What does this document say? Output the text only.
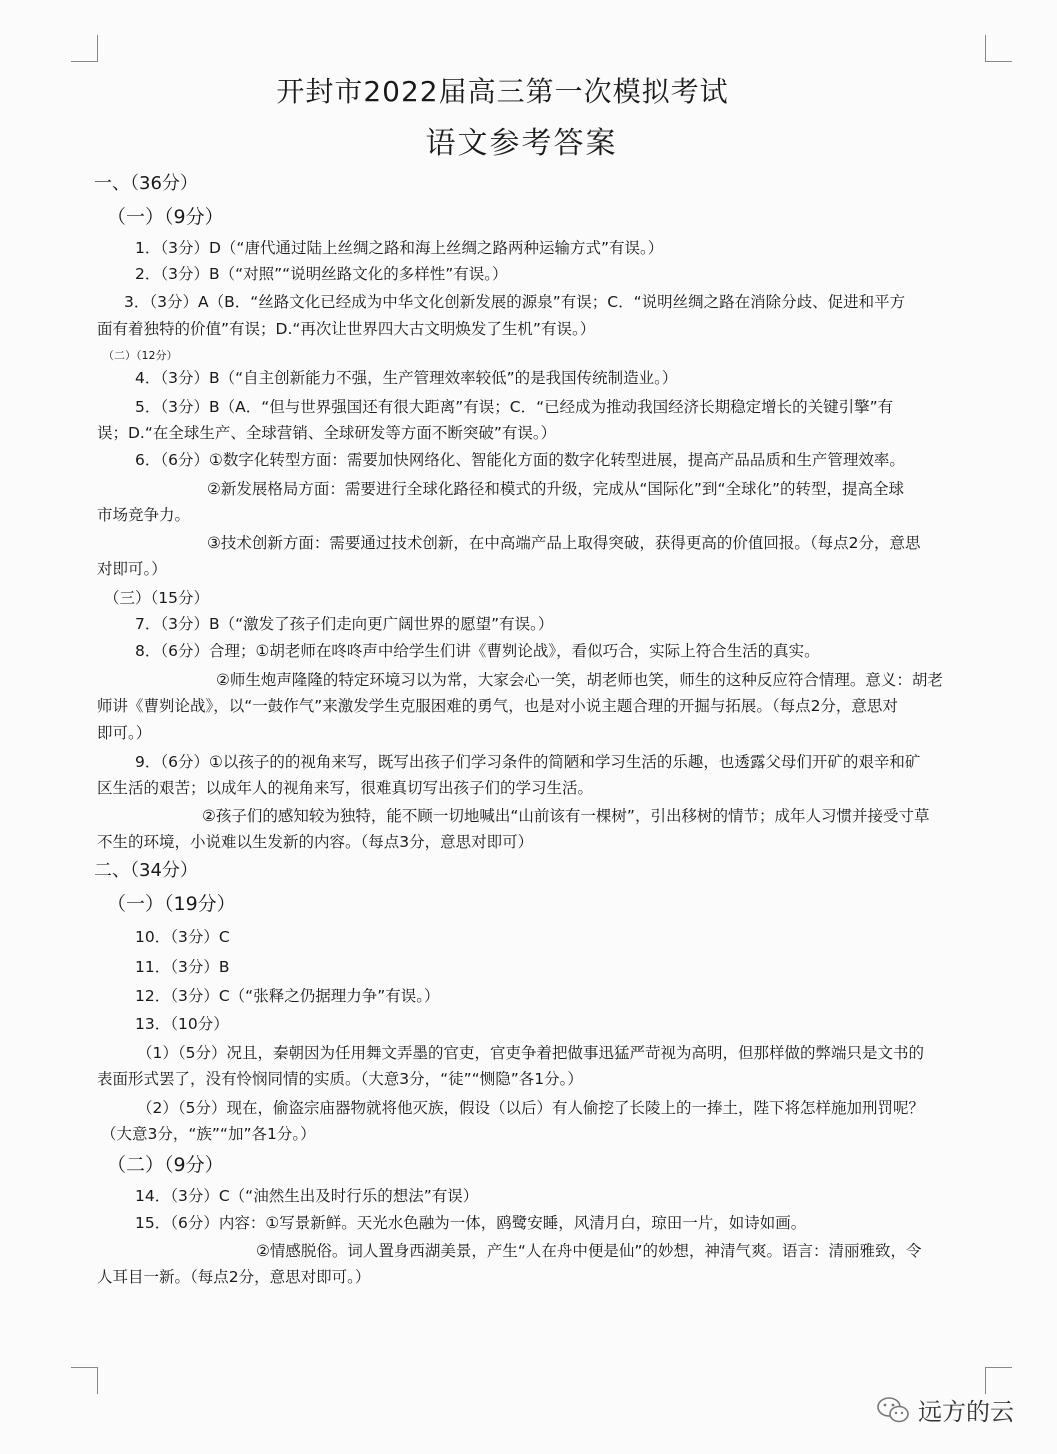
开封市2022届高三第一次模拟考试
语文参考答案
一、（36分）
（一）（9分）
1．（3分）D（“唐代通过陆上丝绸之路和海上丝绸之路两种运输方式”有误。）
2．（3分）B（“对照”“说明丝路文化的多样性”有误。）
3．（3分）A（B．“丝路文化已经成为中华文化创新发展的源泉”有误；C．“说明丝绸之路在消除分歧、促进和平方
面有着独特的价值”有误；D.“再次让世界四大古文明焕发了生机”有误。）
（二）（12分）
4．（3分）B（“自主创新能力不强，生产管理效率较低”的是我国传统制造业。）
5．（3分）B（A．“但与世界强国还有很大距离”有误；C．“已经成为推动我国经济长期稳定增长的关键引擎”有
误；D.“在全球生产、全球营销、全球研发等方面不断突破”有误。）
6．（6分）①数字化转型方面：需要加快网络化、智能化方面的数字化转型进展，提高产品品质和生产管理效率。
②新发展格局方面：需要进行全球化路径和模式的升级，完成从“国际化”到“全球化”的转型，提高全球
市场竞争力。
③技术创新方面：需要通过技术创新，在中高端产品上取得突破，获得更高的价值回报。（每点2分，意思
对即可。）
（三）（15分）
7．（3分）B（“激发了孩子们走向更广阔世界的愿望”有误。）
8．（6分）合理；①胡老师在咚咚声中给学生们讲《曹刿论战》，看似巧合，实际上符合生活的真实。
②师生炮声隆隆的特定环境习以为常，大家会心一笑，胡老师也笑，师生的这种反应符合情理。意义：胡老
师讲《曹刿论战》，以“一鼓作气”来激发学生克服困难的勇气，也是对小说主题合理的开掘与拓展。（每点2分，意思对
即可。）
9．（6分）①以孩子的的视角来写，既写出孩子们学习条件的简陋和学习生活的乐趣，也透露父母们开矿的艰辛和矿
区生活的艰苦；以成年人的视角来写，很难真切写出孩子们的学习生活。
②孩子们的感知较为独特，能不顾一切地喊出“山前该有一棵树”，引出移树的情节；成年人习惯并接受寸草
不生的环境，小说难以生发新的内容。（每点3分，意思对即可）
二、（34分）
（一）（19分）
10．（3分）C
11．（3分）B
12．（3分）C（“张释之仍据理力争”有误。）
13．（10分）
（1）（5分）况且，秦朝因为任用舞文弄墨的官吏，官吏争着把做事迅猛严苛视为高明，但那样做的弊端只是文书的
表面形式罢了，没有怜悯同情的实质。（大意3分，“徒”“恻隐”各1分。）
（2）（5分）现在，偷盗宗庙器物就将他灭族，假设（以后）有人偷挖了长陵上的一捧土，陛下将怎样施加刑罚呢？
（大意3分，“族”“加”各1分。）
（二）（9分）
14．（3分）C（“油然生出及时行乐的想法”有误）
15．（6分）内容：①写景新鲜。天光水色融为一体，鸥鹭安睡，风清月白，琼田一片，如诗如画。
②情感脱俗。词人置身西湖美景，产生“人在舟中便是仙”的妙想，神清气爽。语言：清丽雅致，令
人耳目一新。（每点2分，意思对即可。）
远方的云
